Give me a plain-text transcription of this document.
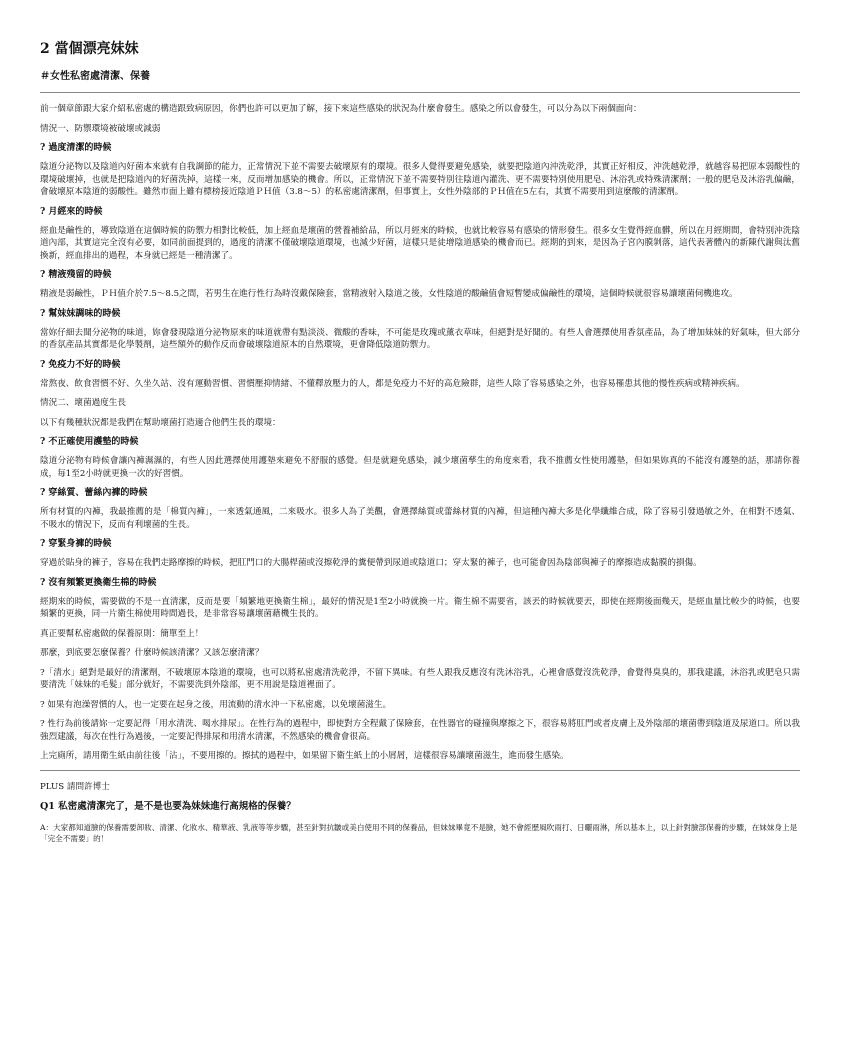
2 當個漂亮妹妹
＃女性私密處清潔、保養

前一個章節跟大家介紹私密處的構造跟致病原因，你們也許可以更加了解，接下來這些感染的狀況為什麼會發生。感染之所以會發生，可以分為以下兩個面向：

情況一、防禦環境被破壞或減弱

? 過度清潔的時候

陰道分泌物以及陰道內好菌本來就有自我調節的能力，正常情況下並不需要去破壞原有的環境。很多人覺得要避免感染，就要把陰道內沖洗乾淨，其實正好相反，沖洗越乾淨，就越容易把原本弱酸性的環境破壞掉，也就是把陰道內的好菌洗掉，這樣一來，反而增加感染的機會。所以，正常情況下並不需要特別往陰道內灌洗、更不需要特別使用肥皂、沐浴乳或特殊清潔劑；一般的肥皂及沐浴乳偏鹼，會破壞原本陰道的弱酸性。雖然市面上雖有標榜接近陰道ＰＨ值（3.8～5）的私密處清潔劑，但事實上，女性外陰部的ＰＨ值在5左右，其實不需要用到這麼酸的清潔劑。

? 月經來的時候

經血是鹼性的，導致陰道在這個時候的防禦力相對比較低，加上經血是壞菌的營養補給品，所以月經來的時候，也就比較容易有感染的情形發生。很多女生覺得經血髒，所以在月經期間，會特別沖洗陰道內部，其實這完全沒有必要，如同前面提到的，過度的清潔不僅破壞陰道環境，也減少好菌，這樣只是徒增陰道感染的機會而已。經期的到來，是因為子宮內膜剝落，這代表著體內的新陳代謝與汰舊換新，經血排出的過程，本身就已經是一種清潔了。

? 精液殘留的時候

精液是弱鹼性，ＰＨ值介於7.5～8.5之間，若男生在進行性行為時沒戴保險套，當精液射入陰道之後，女性陰道的酸鹼值會短暫變成偏鹼性的環境，這個時候就很容易讓壞菌伺機進攻。

? 幫妹妹調味的時候

當妳仔細去聞分泌物的味道，妳會發現陰道分泌物原來的味道就帶有點淡淡、微酸的香味，不可能是玫瑰或薰衣草味，但絕對是好聞的。有些人會選擇使用香氛產品，為了增加妹妹的好氣味，但大部分的香氛產品其實都是化學製劑，這些額外的動作反而會破壞陰道原本的自然環境，更會降低陰道防禦力。

? 免疫力不好的時候

常熬夜、飲食習慣不好、久坐久站、沒有運動習慣、習慣壓抑情緒、不懂釋放壓力的人，都是免疫力不好的高危險群，這些人除了容易感染之外，也容易罹患其他的慢性疾病或精神疾病。

情況二、壞菌過度生長

以下有幾種狀況都是我們在幫助壞菌打造適合他們生長的環境：

? 不正確使用護墊的時候

陰道分泌物有時候會讓內褲濕濕的，有些人因此選擇使用護墊來避免不舒服的感覺。但是就避免感染，減少壞菌孳生的角度來看，我不推薦女性使用護墊，但如果妳真的不能沒有護墊的話，那請你養成，每1至2小時就更換一次的好習慣。

? 穿絲質、蕾絲內褲的時候

所有材質的內褲，我最推薦的是「棉質內褲」，一來透氣通風，二來吸水。很多人為了美觀，會選擇絲質或蕾絲材質的內褲，但這種內褲大多是化學纖維合成，除了容易引發過敏之外，在相對不透氣、不吸水的情況下，反而有利壞菌的生長。

? 穿緊身褲的時候

穿過於貼身的褲子，容易在我們走路摩擦的時候，把肛門口的大腸桿菌或沒擦乾淨的糞便帶到尿道或陰道口；穿太緊的褲子，也可能會因為陰部與褲子的摩擦造成黏膜的損傷。

? 沒有頻繁更換衛生棉的時候

經期來的時候，需要做的不是一直清潔，反而是要「頻繁地更換衛生棉」，最好的情況是1至2小時就換一片。衛生棉不需要省，該丟的時候就要丟，即使在經期後面幾天，是經血量比較少的時候，也要頻繁的更換，同一片衛生棉使用時間過長，是非常容易讓壞菌藉機生長的。

真正要幫私密處做的保養原則：簡單至上！

那麼，到底要怎麼保養？什麼時候該清潔？又該怎麼清潔？

?「清水」絕對是最好的清潔劑，不破壞原本陰道的環境，也可以將私密處清洗乾淨，不留下異味。有些人跟我反應沒有洗沐浴乳，心裡會感覺沒洗乾淨，會覺得臭臭的，那我建議，沐浴乳或肥皂只需要清洗「妹妹的毛髮」部分就好，不需要洗到外陰部，更不用說是陰道裡面了。

? 如果有泡澡習慣的人，也一定要在起身之後，用流動的清水沖一下私密處，以免壞菌滋生。

? 性行為前後請妳一定要記得「用水清洗、喝水排尿」。在性行為的過程中，即使對方全程戴了保險套，在性器官的碰撞與摩擦之下，很容易將肛門或者皮膚上及外陰部的壞菌帶到陰道及尿道口。所以我強烈建議，每次在性行為過後，一定要記得排尿和用清水清潔，不然感染的機會會很高。

上完廁所，請用衛生紙由前往後「沾」，不要用擦的。擦拭的過程中，如果留下衛生紙上的小屑屑，這樣很容易讓壞菌滋生，進而發生感染。

PLUS 請問許博士

Q1 私密處清潔完了，是不是也要為妹妹進行高規格的保養？

A：大家都知道臉的保養需要卸妝、清潔、化妝水、精華液、乳液等等步驟，甚至針對抗皺或美白使用不同的保養品，但妹妹畢竟不是臉，她不會經歷風吹雨打、日曬雨淋，所以基本上，以上針對臉部保養的步驟，在妹妹身上是「完全不需要」的！
